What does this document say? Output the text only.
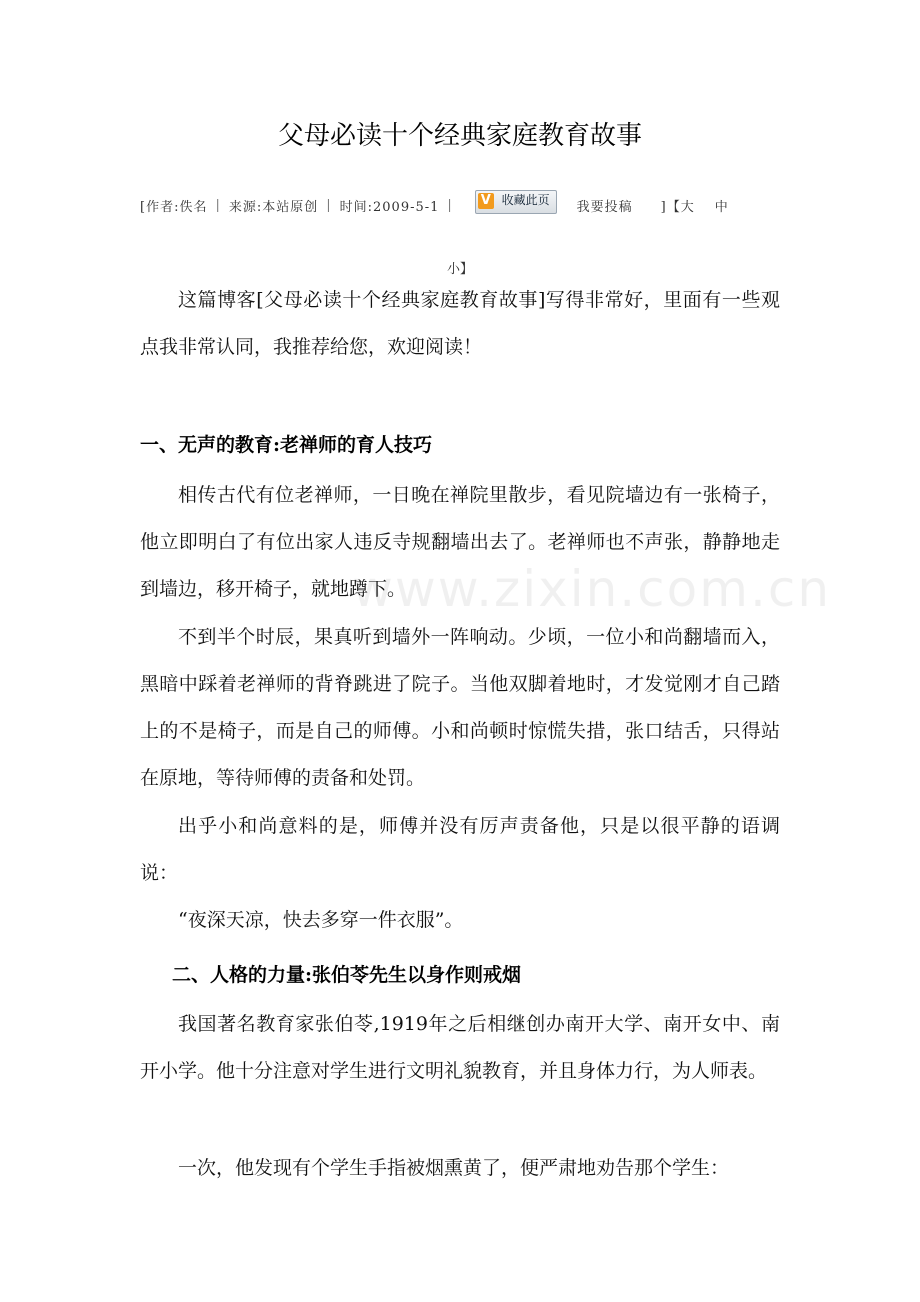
父母必读十个经典家庭教育故事
[作者:佚名 | 来源:本站原创 | 时间:2009-5-1 |	V 收藏此页
我要投稿 ]【大 中
小】
这篇博客[父母必读十个经典家庭教育故事]写得非常好，里面有一些观点我非常认同，我推荐给您，欢迎阅读！
一、无声的教育:老禅师的育人技巧
相传古代有位老禅师，一日晚在禅院里散步，看见院墙边有一张椅子，他立即明白了有位出家人违反寺规翻墙出去了。老禅师也不声张，静静地走到墙边，移开椅子，就地蹲下。
不到半个时辰，果真听到墙外一阵响动。少顷，一位小和尚翻墙而入，黑暗中踩着老禅师的背脊跳进了院子。当他双脚着地时，才发觉刚才自己踏上的不是椅子，而是自己的师傅。小和尚顿时惊慌失措，张口结舌，只得站在原地，等待师傅的责备和处罚。
出乎小和尚意料的是，师傅并没有厉声责备他，只是以很平静的语调说：
“夜深天凉，快去多穿一件衣服”。
二、人格的力量:张伯苓先生以身作则戒烟
我国著名教育家张伯苓,1919年之后相继创办南开大学、南开女中、南开小学。他十分注意对学生进行文明礼貌教育，并且身体力行，为人师表。
一次，他发现有个学生手指被烟熏黄了，便严肃地劝告那个学生：
www.zixin.com.cn
